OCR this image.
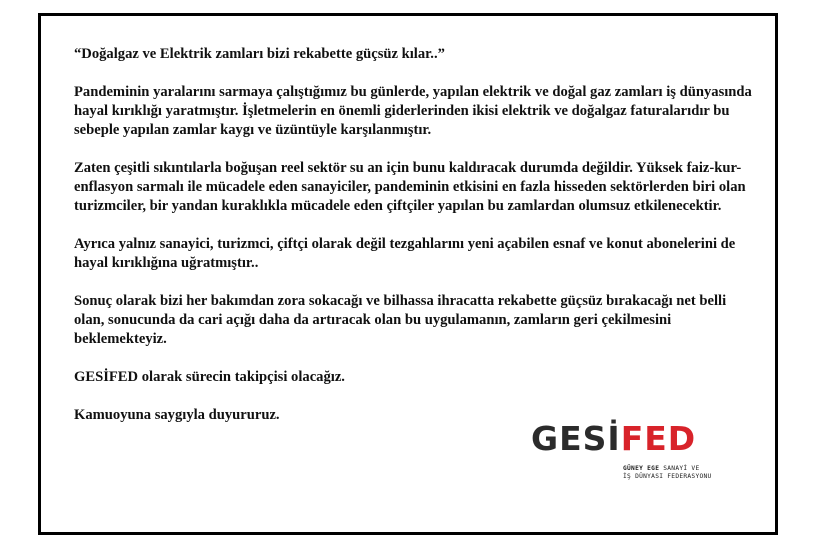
“Doğalgaz ve Elektrik zamları bizi rekabette güçsüz kılar..”

Pandeminin yaralarını sarmaya çalıştığımız bu günlerde, yapılan elektrik ve doğal gaz zamları iş dünyasında hayal kırıklığı yaratmıştır. İşletmelerin en önemli giderlerinden ikisi elektrik ve doğalgaz faturalarıdır bu sebeple yapılan zamlar kaygı ve üzüntüyle karşılanmıştır.

Zaten çeşitli sıkıntılarla boğuşan reel sektör su an için bunu kaldıracak durumda değildir. Yüksek faiz-kur-enflasyon sarmalı ile mücadele eden sanayiciler, pandeminin etkisini en fazla hisseden sektörlerden biri olan turizmciler, bir yandan kuraklıkla mücadele eden çiftçiler yapılan bu zamlardan olumsuz etkilenecektir.

Ayrıca yalnız sanayici, turizmci, çiftçi olarak değil tezgahlarını yeni açabilen esnaf ve konut abonelerini de hayal kırıklığına uğratmıştır..

Sonuç olarak bizi her bakımdan zora sokacağı ve bilhassa ihracatta rekabette güçsüz bırakacağı net belli olan, sonucunda da cari açığı daha da artıracak olan bu uygulamanın, zamların geri çekilmesini beklemekteyiz.

GESİFED olarak sürecin takipçisi olacağız.

Kamuoyuna saygıyla duyururuz.

GESİFED
GÜNEY EGE SANAYİ VE
İŞ DÜNYASI FEDERASYONU
